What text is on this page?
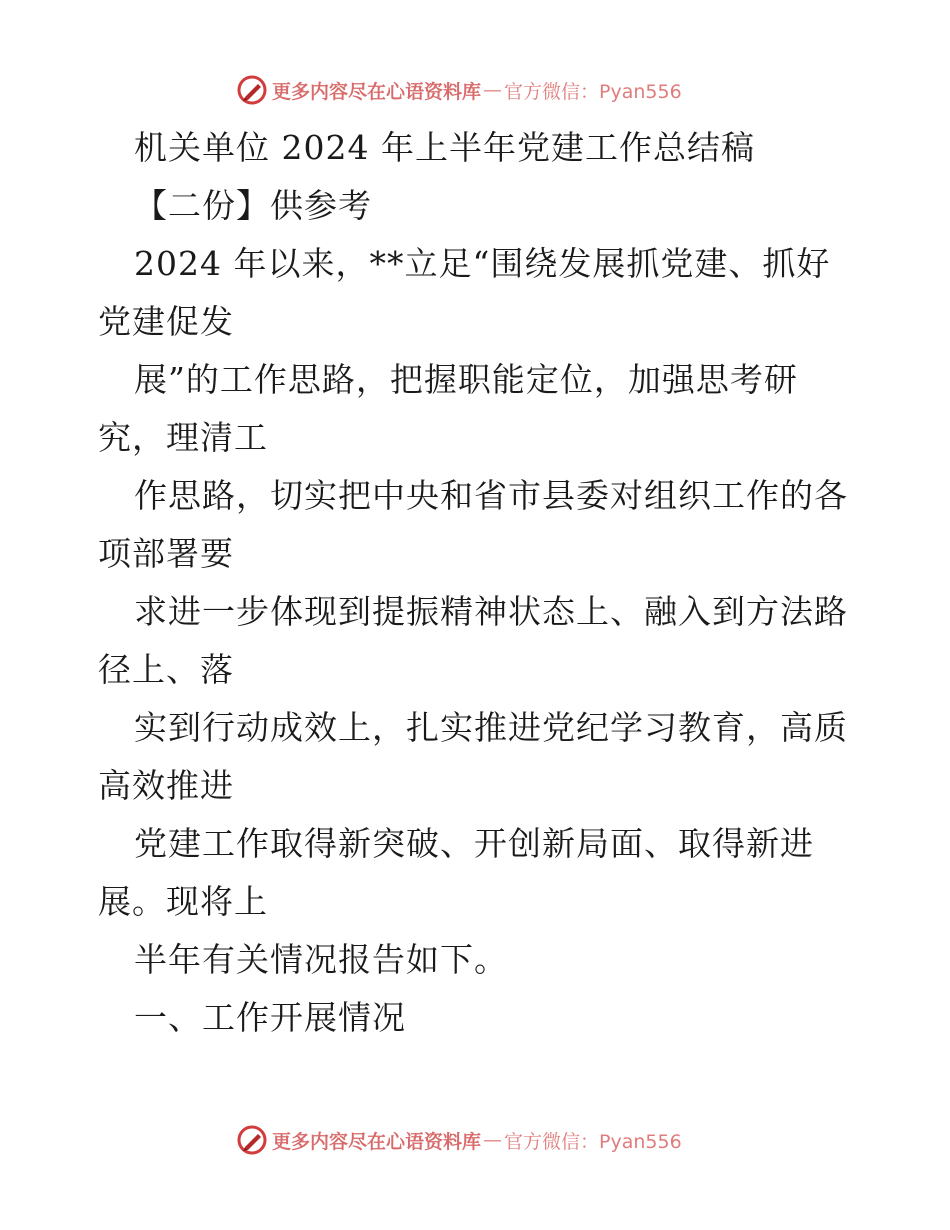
更多内容尽在心语资料库 — 官方微信：Pyan556
机关单位 2024 年上半年党建工作总结稿
【二份】供参考
2024 年以来，**立足“围绕发展抓党建、抓好
党建促发
展”的工作思路，把握职能定位，加强思考研
究，理清工
作思路，切实把中央和省市县委对组织工作的各
项部署要
求进一步体现到提振精神状态上、融入到方法路
径上、落
实到行动成效上，扎实推进党纪学习教育，高质
高效推进
党建工作取得新突破、开创新局面、取得新进
展。现将上
半年有关情况报告如下。
一、工作开展情况
更多内容尽在心语资料库 — 官方微信：Pyan556
